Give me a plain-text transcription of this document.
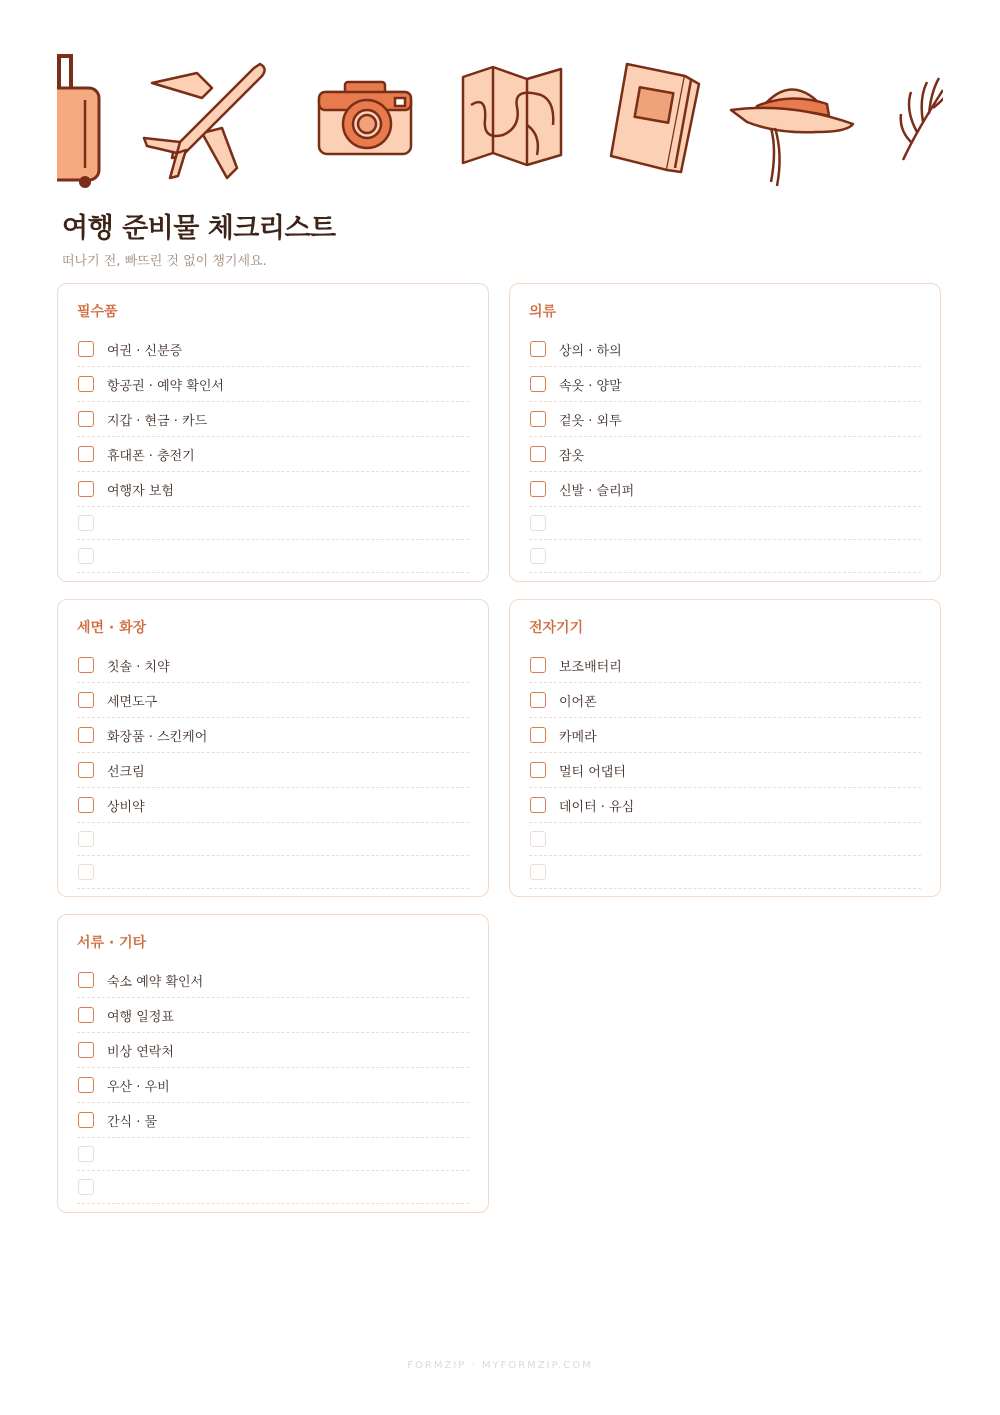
여행 준비물 체크리스트

떠나기 전, 빠뜨린 것 없이 챙기세요.

필수품
여권 · 신분증
항공권 · 예약 확인서
지갑 · 현금 · 카드
휴대폰 · 충전기
여행자 보험
의류
상의 · 하의
속옷 · 양말
겉옷 · 외투
잠옷
신발 · 슬리퍼
세면 · 화장
칫솔 · 치약
세면도구
화장품 · 스킨케어
선크림
상비약
전자기기
보조배터리
이어폰
카메라
멀티 어댑터
데이터 · 유심
서류 · 기타
숙소 예약 확인서
여행 일정표
비상 연락처
우산 · 우비
간식 · 물
FORMZIP · MYFORMZIP.COM
